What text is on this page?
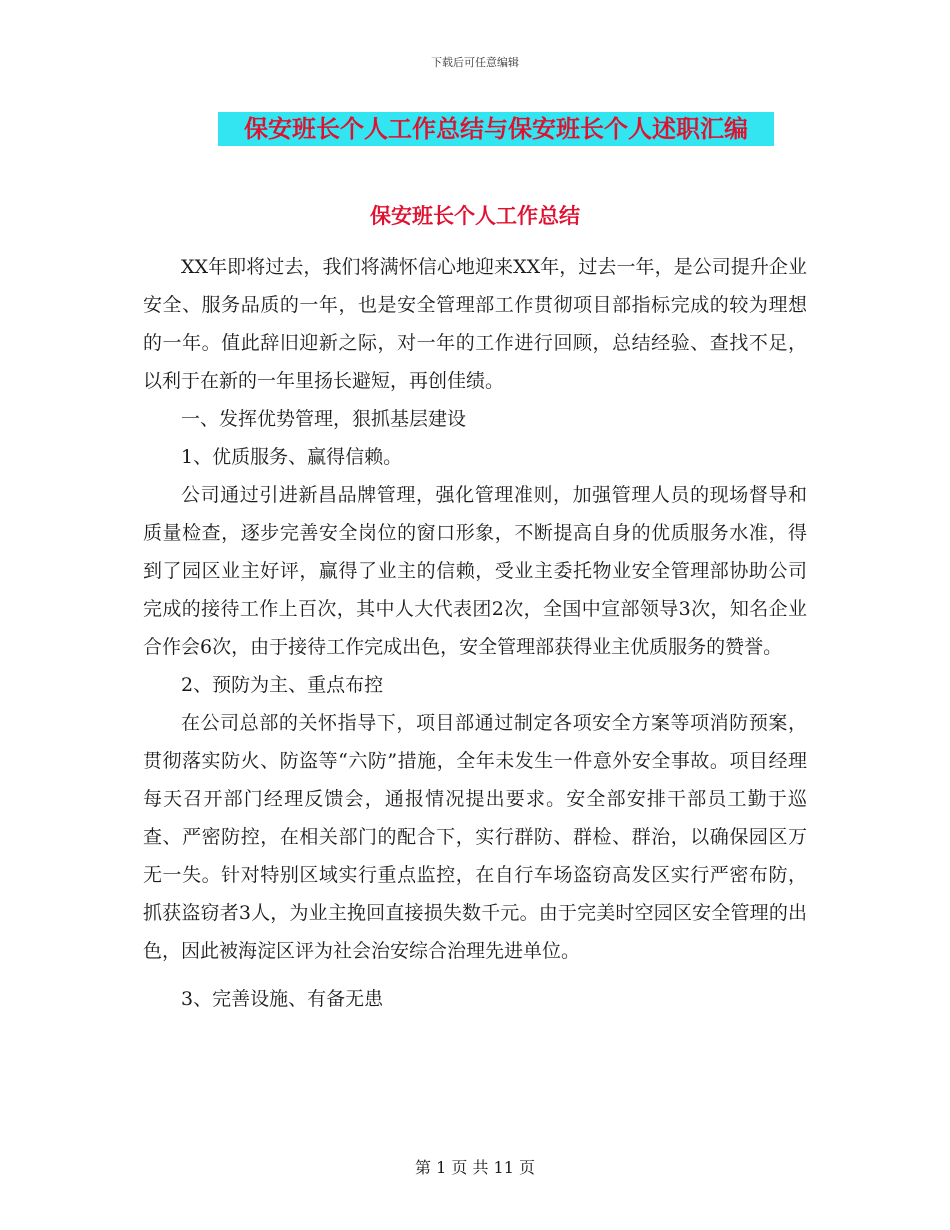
下载后可任意编辑
保安班长个人工作总结与保安班长个人述职汇编
保安班长个人工作总结

XX年即将过去，我们将满怀信心地迎来XX年，过去一年，是公司提升企业安全、服务品质的一年，也是安全管理部工作贯彻项目部指标完成的较为理想的一年。值此辞旧迎新之际，对一年的工作进行回顾，总结经验、查找不足，以利于在新的一年里扬长避短，再创佳绩。

一、发挥优势管理，狠抓基层建设

1、优质服务、赢得信赖。

公司通过引进新昌品牌管理，强化管理准则，加强管理人员的现场督导和质量检查，逐步完善安全岗位的窗口形象，不断提高自身的优质服务水准，得到了园区业主好评，赢得了业主的信赖，受业主委托物业安全管理部协助公司完成的接待工作上百次，其中人大代表团2次，全国中宣部领导3次，知名企业合作会6次，由于接待工作完成出色，安全管理部获得业主优质服务的赞誉。

2、预防为主、重点布控

在公司总部的关怀指导下，项目部通过制定各项安全方案等项消防预案，贯彻落实防火、防盗等“六防”措施，全年未发生一件意外安全事故。项目经理每天召开部门经理反馈会，通报情况提出要求。安全部安排干部员工勤于巡查、严密防控，在相关部门的配合下，实行群防、群检、群治，以确保园区万无一失。针对特别区域实行重点监控，在自行车场盗窃高发区实行严密布防，抓获盗窃者3人，为业主挽回直接损失数千元。由于完美时空园区安全管理的出色，因此被海淀区评为社会治安综合治理先进单位。

3、完善设施、有备无患

第 1 页 共 11 页
